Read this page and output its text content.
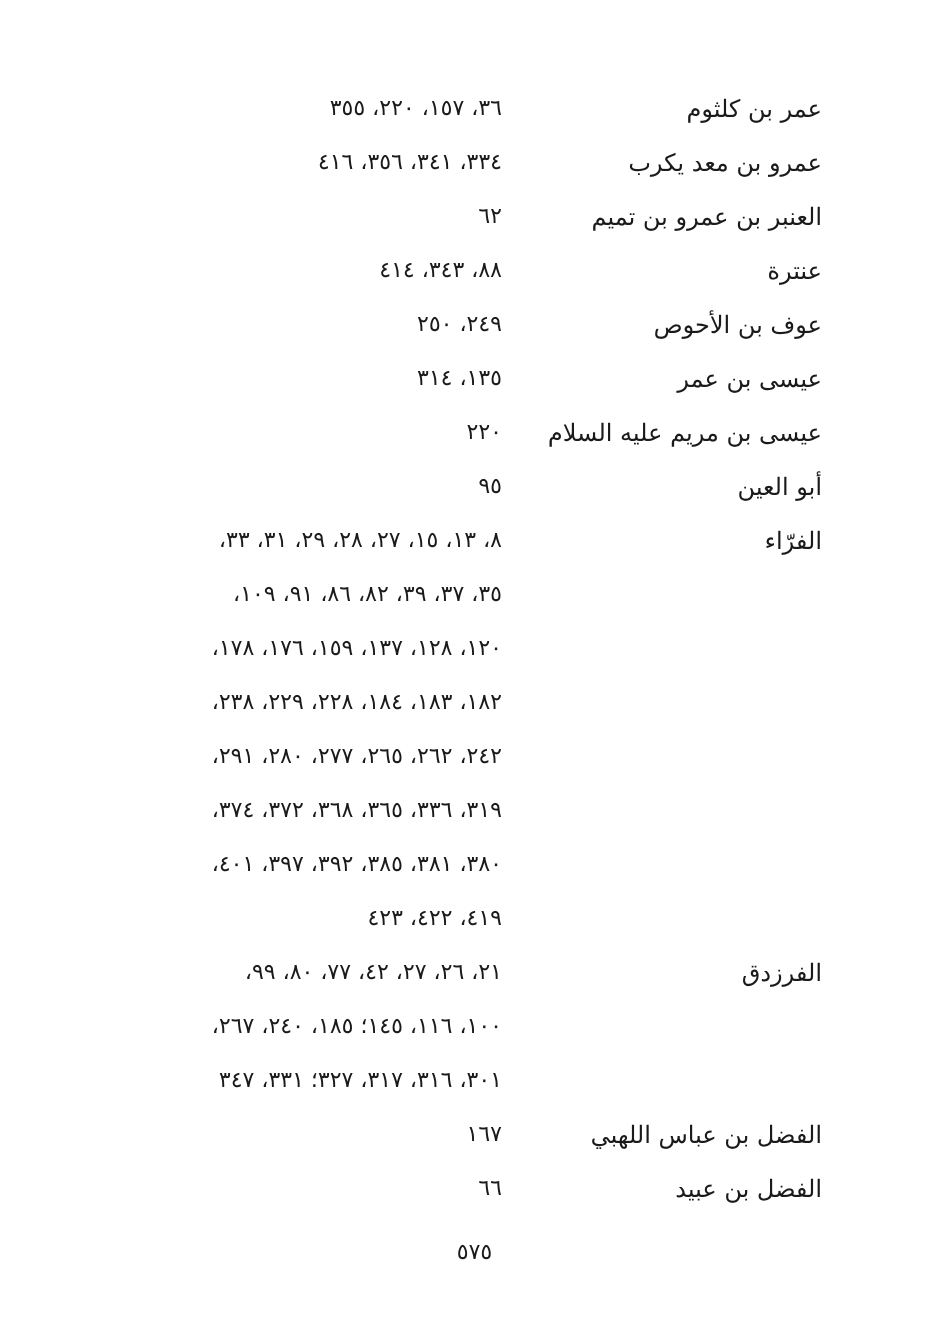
عمر بن كلثوم
٣٦، ١٥٧، ٢٢٠، ٣٥٥
عمرو بن معد يكرب
٣٣٤، ٣٤١، ٣٥٦، ٤١٦
العنبر بن عمرو بن تميم
٦٢
عنترة
٨٨، ٣٤٣، ٤١٤
عوف بن الأحوص
٢٤٩، ٢٥٠
عيسى بن عمر
١٣٥، ٣١٤
عيسى بن مريم عليه السلام
٢٢٠
أبو العين
٩٥
الفرّاء
٨، ١٣، ١٥، ٢٧، ٢٨، ٢٩، ٣١، ٣٣،
٣٥، ٣٧، ٣٩، ٨٢، ٨٦، ٩١، ١٠٩،
١٢٠، ١٢٨، ١٣٧، ١٥٩، ١٧٦، ١٧٨،
١٨٢، ١٨٣، ١٨٤، ٢٢٨، ٢٢٩، ٢٣٨،
٢٤٢، ٢٦٢، ٢٦٥، ٢٧٧، ٢٨٠، ٢٩١،
٣١٩، ٣٣٦، ٣٦٥، ٣٦٨، ٣٧٢، ٣٧٤،
٣٨٠، ٣٨١، ٣٨٥، ٣٩٢، ٣٩٧، ٤٠١،
٤١٩، ٤٢٢، ٤٢٣
الفرزدق
٢١، ٢٦، ٢٧، ٤٢، ٧٧، ٨٠، ٩٩،
١٠٠، ١١٦، ١٤٥؛ ١٨٥، ٢٤٠، ٢٦٧،
٣٠١، ٣١٦، ٣١٧، ٣٢٧؛ ٣٣١، ٣٤٧
الفضل بن عباس اللهبي
١٦٧
الفضل بن عبيد
٦٦
٥٧٥
